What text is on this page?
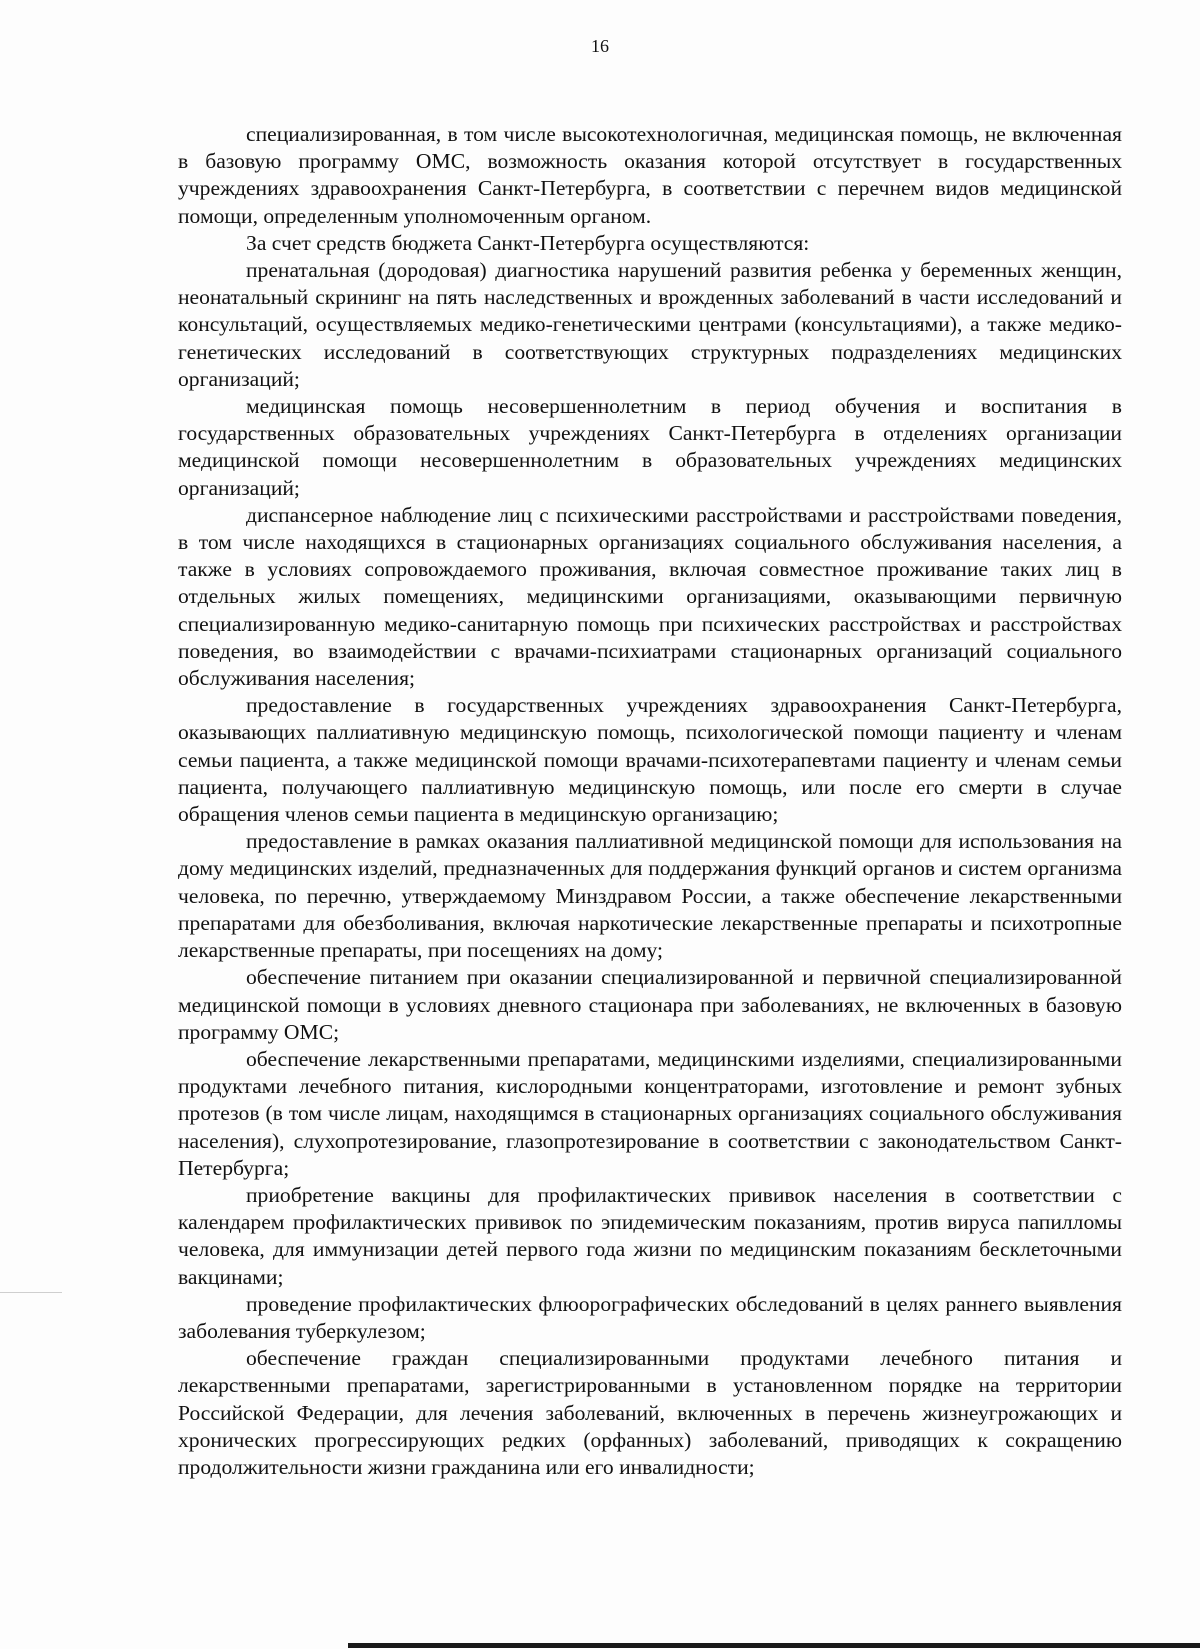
16

специализированная, в том числе высокотехнологичная, медицинская помощь, не включенная в базовую программу ОМС, возможность оказания которой отсутствует в государственных учреждениях здравоохранения Санкт-Петербурга, в соответствии с перечнем видов медицинской помощи, определенным уполномоченным органом.

За счет средств бюджета Санкт-Петербурга осуществляются:

пренатальная (дородовая) диагностика нарушений развития ребенка у беременных женщин, неонатальный скрининг на пять наследственных и врожденных заболеваний в части исследований и консультаций, осуществляемых медико-генетическими центрами (консультациями), а также медико-генетических исследований в соответствующих структурных подразделениях медицинских организаций;

медицинская помощь несовершеннолетним в период обучения и воспитания в государственных образовательных учреждениях Санкт-Петербурга в отделениях организации медицинской помощи несовершеннолетним в образовательных учреждениях медицинских организаций;

диспансерное наблюдение лиц с психическими расстройствами и расстройствами поведения, в том числе находящихся в стационарных организациях социального обслуживания населения, а также в условиях сопровождаемого проживания, включая совместное проживание таких лиц в отдельных жилых помещениях, медицинскими организациями, оказывающими первичную специализированную медико-санитарную помощь при психических расстройствах и расстройствах поведения, во взаимодействии с врачами-психиатрами стационарных организаций социального обслуживания населения;

предоставление в государственных учреждениях здравоохранения Санкт-Петербурга, оказывающих паллиативную медицинскую помощь, психологической помощи пациенту и членам семьи пациента, а также медицинской помощи врачами-психотерапевтами пациенту и членам семьи пациента, получающего паллиативную медицинскую помощь, или после его смерти в случае обращения членов семьи пациента в медицинскую организацию;

предоставление в рамках оказания паллиативной медицинской помощи для использования на дому медицинских изделий, предназначенных для поддержания функций органов и систем организма человека, по перечню, утверждаемому Минздравом России, а также обеспечение лекарственными препаратами для обезболивания, включая наркотические лекарственные препараты и психотропные лекарственные препараты, при посещениях на дому;

обеспечение питанием при оказании специализированной и первичной специализированной медицинской помощи в условиях дневного стационара при заболеваниях, не включенных в базовую программу ОМС;

обеспечение лекарственными препаратами, медицинскими изделиями, специализированными продуктами лечебного питания, кислородными концентраторами, изготовление и ремонт зубных протезов (в том числе лицам, находящимся в стационарных организациях социального обслуживания населения), слухопротезирование, глазопротезирование в соответствии с законодательством Санкт-Петербурга;

приобретение вакцины для профилактических прививок населения в соответствии с календарем профилактических прививок по эпидемическим показаниям, против вируса папилломы человека, для иммунизации детей первого года жизни по медицинским показаниям бесклеточными вакцинами;

проведение профилактических флюорографических обследований в целях раннего выявления заболевания туберкулезом;

обеспечение граждан специализированными продуктами лечебного питания и лекарственными препаратами, зарегистрированными в установленном порядке на территории Российской Федерации, для лечения заболеваний, включенных в перечень жизнеугрожающих и хронических прогрессирующих редких (орфанных) заболеваний, приводящих к сокращению продолжительности жизни гражданина или его инвалидности;
